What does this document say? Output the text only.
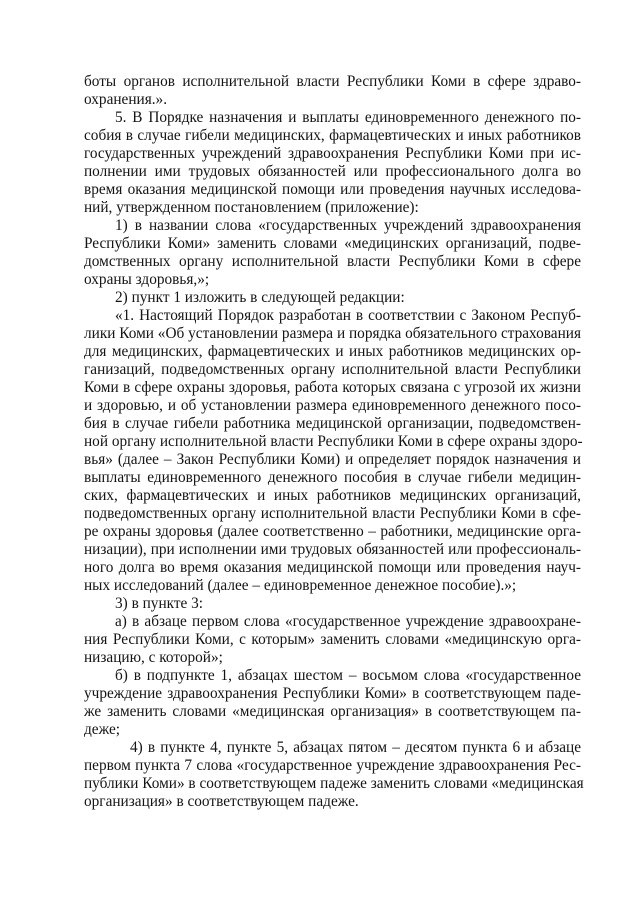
боты органов исполнительной власти Республики Коми в сфере здраво-
охранения.».
5. В Порядке назначения и выплаты единовременного денежного по-
собия в случае гибели медицинских, фармацевтических и иных работников
государственных учреждений здравоохранения Республики Коми при ис-
полнении ими трудовых обязанностей или профессионального долга во
время оказания медицинской помощи или проведения научных исследова-
ний, утвержденном постановлением (приложение):
1) в названии слова «государственных учреждений здравоохранения
Республики Коми» заменить словами «медицинских организаций, подве-
домственных органу исполнительной власти Республики Коми в сфере
охраны здоровья,»;
2) пункт 1 изложить в следующей редакции:
«1. Настоящий Порядок разработан в соответствии с Законом Респуб-
лики Коми «Об установлении размера и порядка обязательного страхования
для медицинских, фармацевтических и иных работников медицинских ор-
ганизаций, подведомственных органу исполнительной власти Республики
Коми в сфере охраны здоровья, работа которых связана с угрозой их жизни
и здоровью, и об установлении размера единовременного денежного посо-
бия в случае гибели работника медицинской организации, подведомствен-
ной органу исполнительной власти Республики Коми в сфере охраны здоро-
вья» (далее – Закон Республики Коми) и определяет порядок назначения и
выплаты единовременного денежного пособия в случае гибели медицин-
ских, фармацевтических и иных работников медицинских организаций,
подведомственных органу исполнительной власти Республики Коми в сфе-
ре охраны здоровья (далее соответственно – работники, медицинские орга-
низации), при исполнении ими трудовых обязанностей или профессиональ-
ного долга во время оказания медицинской помощи или проведения науч-
ных исследований (далее – единовременное денежное пособие).»;
3) в пункте 3:
а) в абзаце первом слова «государственное учреждение здравоохране-
ния Республики Коми, с которым» заменить словами «медицинскую орга-
низацию, с которой»;
б) в подпункте 1, абзацах шестом – восьмом слова «государственное
учреждение здравоохранения Республики Коми» в соответствующем паде-
же заменить словами «медицинская организация» в соответствующем па-
деже;
4) в пункте 4, пункте 5, абзацах пятом – десятом пункта 6 и абзаце
первом пункта 7 слова «государственное учреждение здравоохранения Рес-
публики Коми» в соответствующем падеже заменить словами «медицинская
организация» в соответствующем падеже.
